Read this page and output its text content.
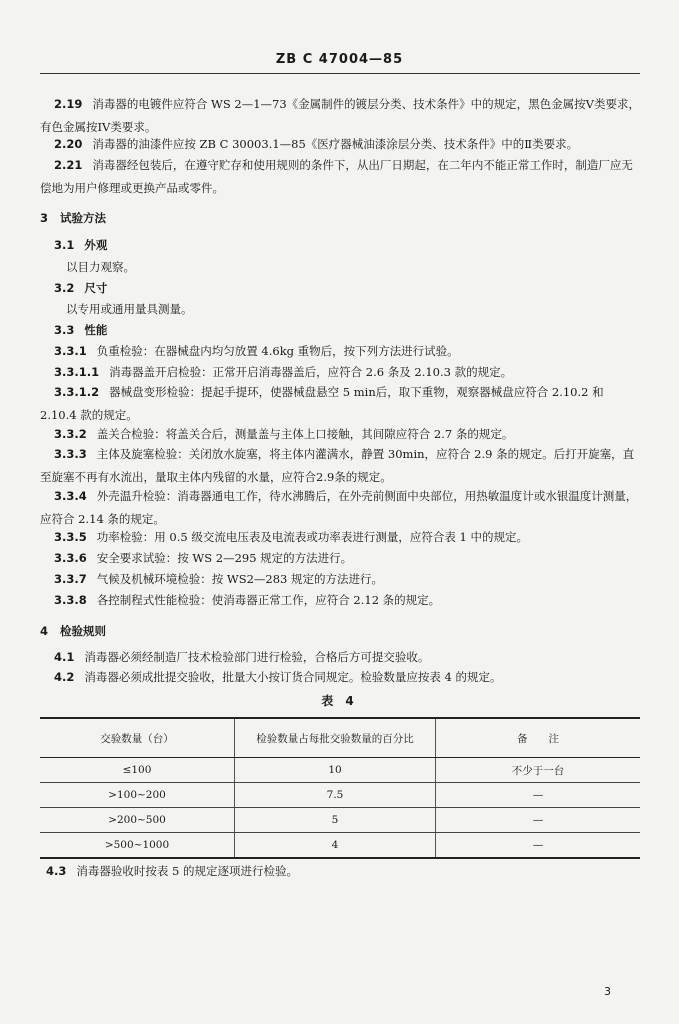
ZB C 47004—85

2.19 消毒器的电镀件应符合 WS 2—1—73《金属制件的镀层分类、技术条件》中的规定，黑色金属按V类要求，有色金属按IV类要求。

2.20 消毒器的油漆件应按 ZB C 30003.1—85《医疗器械油漆涂层分类、技术条件》中的Ⅱ类要求。

2.21 消毒器经包装后，在遵守贮存和使用规则的条件下，从出厂日期起，在二年内不能正常工作时，制造厂应无偿地为用户修理或更换产品或零件。

3 试验方法

3.1 外观

以目力观察。

3.2 尺寸

以专用或通用量具测量。

3.3 性能

3.3.1 负重检验：在器械盘内均匀放置 4.6kg 重物后，按下列方法进行试验。

3.3.1.1 消毒器盖开启检验：正常开启消毒器盖后，应符合 2.6 条及 2.10.3 款的规定。

3.3.1.2 器械盘变形检验：提起手提环，使器械盘悬空 5 min后，取下重物，观察器械盘应符合 2.10.2 和 2.10.4 款的规定。

3.3.2 盖关合检验：将盖关合后，测量盖与主体上口接触，其间隙应符合 2.7 条的规定。

3.3.3 主体及旋塞检验：关闭放水旋塞，将主体内灌满水，静置 30min，应符合 2.9 条的规定。后打开旋塞，直至旋塞不再有水流出，量取主体内残留的水量，应符合2.9条的规定。

3.3.4 外壳温升检验：消毒器通电工作，待水沸腾后，在外壳前侧面中央部位，用热敏温度计或水银温度计测量，应符合 2.14 条的规定。

3.3.5 功率检验：用 0.5 级交流电压表及电流表或功率表进行测量，应符合表 1 中的规定。

3.3.6 安全要求试验：按 WS 2—295 规定的方法进行。

3.3.7 气候及机械环境检验：按 WS2—283 规定的方法进行。

3.3.8 各控制程式性能检验：使消毒器正常工作，应符合 2.12 条的规定。

4 检验规则

4.1 消毒器必须经制造厂技术检验部门进行检验，合格后方可提交验收。

4.2 消毒器必须成批提交验收，批量大小按订货合同规定。检验数量应按表 4 的规定。

表 4
交验数量（台）	检验数量占每批交验数量的百分比	备　　注
≤100	10	不少于一台
>100~200	7.5	—
>200~500	5	—
>500~1000	4	—

4.3 消毒器验收时按表 5 的规定逐项进行检验。

3
